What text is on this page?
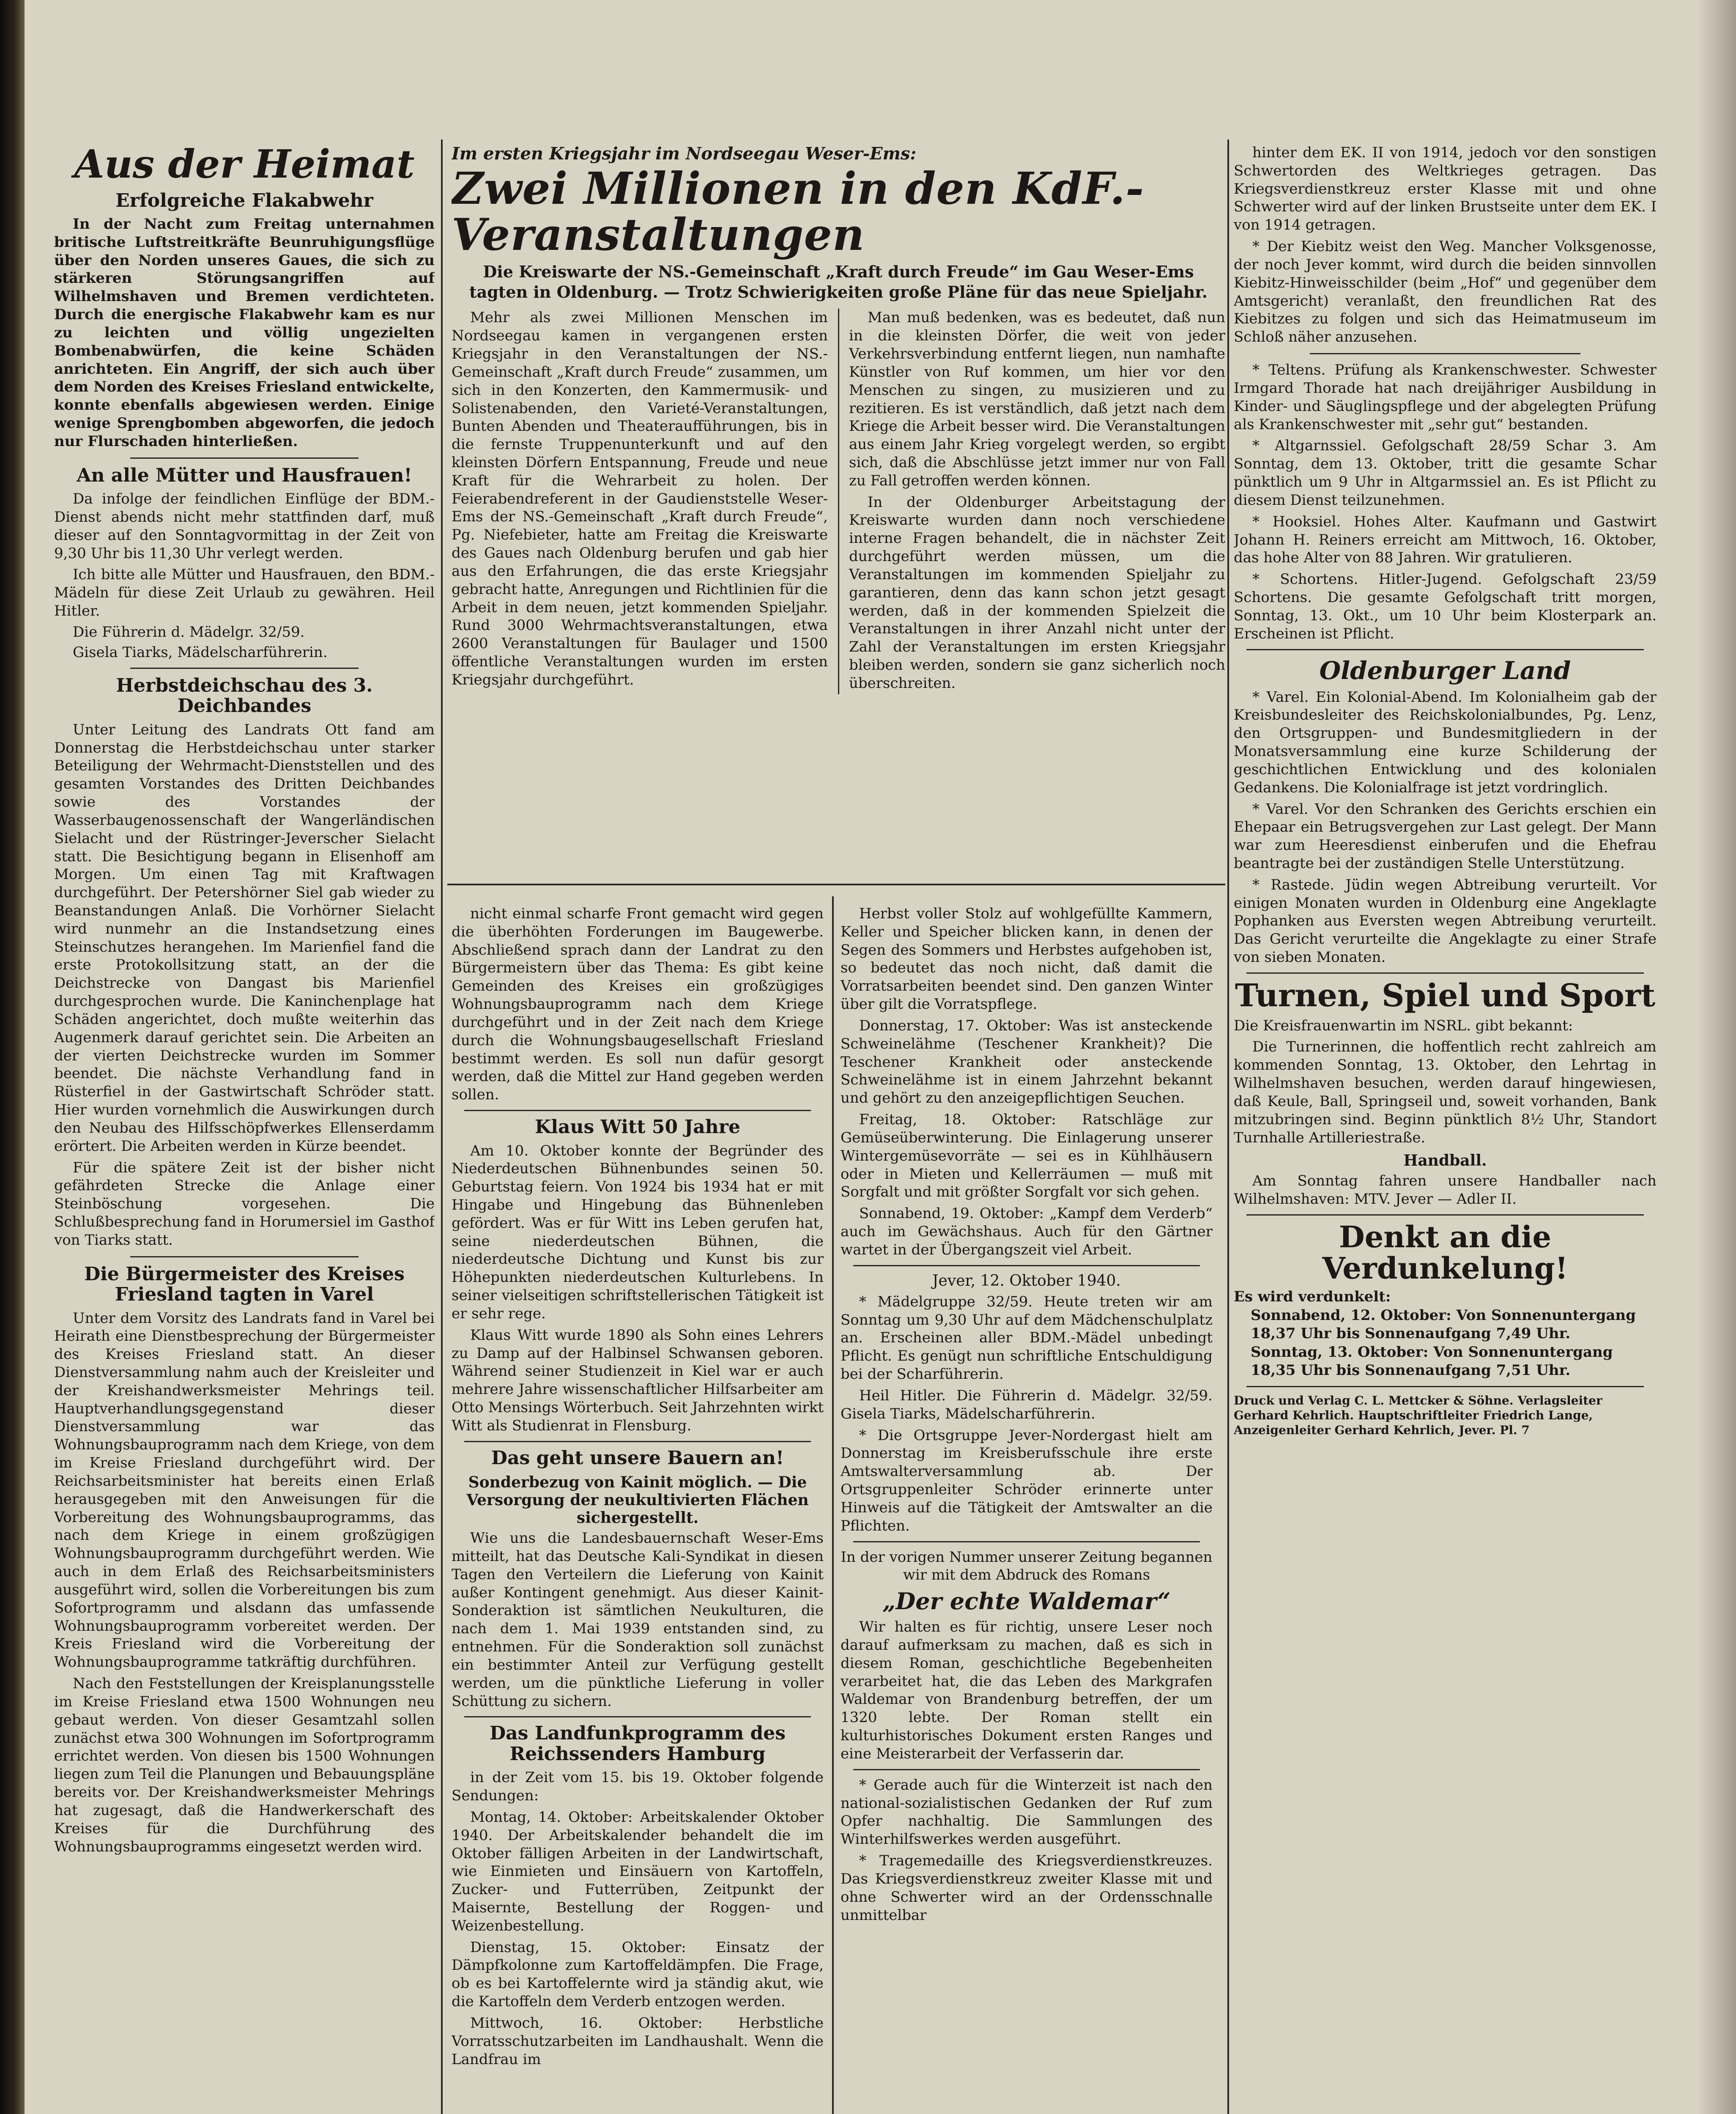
Aus der Heimat
Erfolgreiche Flakabwehr

In der Nacht zum Freitag unternahmen britische Luftstreitkräfte Beunruhigungsflüge über den Norden unseres Gaues, die sich zu stärkeren Störungsangriffen auf Wilhelmshaven und Bremen verdichteten. Durch die energische Flakabwehr kam es nur zu leichten und völlig ungezielten Bombenabwürfen, die keine Schäden anrichteten. Ein Angriff, der sich auch über dem Norden des Kreises Friesland entwickelte, konnte ebenfalls abgewiesen werden. Einige wenige Sprengbomben abgeworfen, die jedoch nur Flurschaden hinterließen.

An alle Mütter und Hausfrauen!

Da infolge der feindlichen Einflüge der BDM.-Dienst abends nicht mehr stattfinden darf, muß dieser auf den Sonntagvormittag in der Zeit von 9,30 Uhr bis 11,30 Uhr verlegt werden.

Ich bitte alle Mütter und Hausfrauen, den BDM.-Mädeln für diese Zeit Urlaub zu gewähren. Heil Hitler.

Die Führerin d. Mädelgr. 32/59.
Gisela Tiarks, Mädelscharführerin.
Herbstdeichschau des 3. Deichbandes

Unter Leitung des Landrats Ott fand am Donnerstag die Herbstdeichschau unter starker Beteiligung der Wehrmacht-Dienststellen und des gesamten Vorstandes des Dritten Deichbandes sowie des Vorstandes der Wasserbaugenossenschaft der Wangerländischen Sielacht und der Rüstringer-Jeverscher Sielacht statt. Die Besichtigung begann in Elisenhoff am Morgen. Um einen Tag mit Kraftwagen durchgeführt. Der Petershörner Siel gab wieder zu Beanstandungen Anlaß. Die Vorhörner Sielacht wird nunmehr an die Instandsetzung eines Steinschutzes herangehen. Im Marienfiel fand die erste Protokollsitzung statt, an der die Deichstrecke von Dangast bis Marienfiel durchgesprochen wurde. Die Kaninchenplage hat Schäden angerichtet, doch mußte weiterhin das Augenmerk darauf gerichtet sein. Die Arbeiten an der vierten Deichstrecke wurden im Sommer beendet. Die nächste Verhandlung fand in Rüsterfiel in der Gastwirtschaft Schröder statt. Hier wurden vornehmlich die Auswirkungen durch den Neubau des Hilfsschöpfwerkes Ellenserdamm erörtert. Die Arbeiten werden in Kürze beendet.

Für die spätere Zeit ist der bisher nicht gefährdeten Strecke die Anlage einer Steinböschung vorgesehen. Die Schlußbesprechung fand in Horumersiel im Gasthof von Tiarks statt.

Die Bürgermeister des Kreises Friesland tagten in Varel

Unter dem Vorsitz des Landrats fand in Varel bei Heirath eine Dienstbesprechung der Bürgermeister des Kreises Friesland statt. An dieser Dienstversammlung nahm auch der Kreisleiter und der Kreishandwerksmeister Mehrings teil. Hauptverhandlungsgegenstand dieser Dienstversammlung war das Wohnungsbauprogramm nach dem Kriege, von dem im Kreise Friesland durchgeführt wird. Der Reichsarbeitsminister hat bereits einen Erlaß herausgegeben mit den Anweisungen für die Vorbereitung des Wohnungsbauprogramms, das nach dem Kriege in einem großzügigen Wohnungsbauprogramm durchgeführt werden. Wie auch in dem Erlaß des Reichsarbeitsministers ausgeführt wird, sollen die Vorbereitungen bis zum Sofortprogramm und alsdann das umfassende Wohnungsbauprogramm vorbereitet werden. Der Kreis Friesland wird die Vorbereitung der Wohnungsbauprogramme tatkräftig durchführen.

Nach den Feststellungen der Kreisplanungsstelle im Kreise Friesland etwa 1500 Wohnungen neu gebaut werden. Von dieser Gesamtzahl sollen zunächst etwa 300 Wohnungen im Sofortprogramm errichtet werden. Von diesen bis 1500 Wohnungen liegen zum Teil die Planungen und Bebauungspläne bereits vor. Der Kreishandwerksmeister Mehrings hat zugesagt, daß die Handwerkerschaft des Kreises für die Durchführung des Wohnungsbauprogramms eingesetzt werden wird.

Im ersten Kriegsjahr im Nordseegau Weser-Ems:
Zwei Millionen in den KdF.-Veranstaltungen
Die Kreiswarte der NS.-Gemeinschaft „Kraft durch Freude“ im Gau Weser-Ems tagten in Oldenburg. — Trotz Schwierigkeiten große Pläne für das neue Spieljahr.

Mehr als zwei Millionen Menschen im Nordseegau kamen in vergangenen ersten Kriegsjahr in den Veranstaltungen der NS.-Gemeinschaft „Kraft durch Freude“ zusammen, um sich in den Konzerten, den Kammermusik- und Solistenabenden, den Varieté-Veranstaltungen, Bunten Abenden und Theateraufführungen, bis in die fernste Truppenunterkunft und auf den kleinsten Dörfern Entspannung, Freude und neue Kraft für die Wehrarbeit zu holen. Der Feierabendreferent in der Gaudienststelle Weser-Ems der NS.-Gemeinschaft „Kraft durch Freude“, Pg. Niefebieter, hatte am Freitag die Kreiswarte des Gaues nach Oldenburg berufen und gab hier aus den Erfahrungen, die das erste Kriegsjahr gebracht hatte, Anregungen und Richtlinien für die Arbeit in dem neuen, jetzt kommenden Spieljahr. Rund 3000 Wehrmachtsveranstaltungen, etwa 2600 Veranstaltungen für Baulager und 1500 öffentliche Veranstaltungen wurden im ersten Kriegsjahr durchgeführt.

Man muß bedenken, was es bedeutet, daß nun in die kleinsten Dörfer, die weit von jeder Verkehrsverbindung entfernt liegen, nun namhafte Künstler von Ruf kommen, um hier vor den Menschen zu singen, zu musizieren und zu rezitieren. Es ist verständlich, daß jetzt nach dem Kriege die Arbeit besser wird. Die Veranstaltungen aus einem Jahr Krieg vorgelegt werden, so ergibt sich, daß die Abschlüsse jetzt immer nur von Fall zu Fall getroffen werden können.

In der Oldenburger Arbeitstagung der Kreiswarte wurden dann noch verschiedene interne Fragen behandelt, die in nächster Zeit durchgeführt werden müssen, um die Veranstaltungen im kommenden Spieljahr zu garantieren, denn das kann schon jetzt gesagt werden, daß in der kommenden Spielzeit die Veranstaltungen in ihrer Anzahl nicht unter der Zahl der Veranstaltungen im ersten Kriegsjahr bleiben werden, sondern sie ganz sicherlich noch überschreiten.

nicht einmal scharfe Front gemacht wird gegen die überhöhten Forderungen im Baugewerbe. Abschließend sprach dann der Landrat zu den Bürgermeistern über das Thema: Es gibt keine Gemeinden des Kreises ein großzügiges Wohnungsbauprogramm nach dem Kriege durchgeführt und in der Zeit nach dem Kriege durch die Wohnungsbaugesellschaft Friesland bestimmt werden. Es soll nun dafür gesorgt werden, daß die Mittel zur Hand gegeben werden sollen.

Klaus Witt 50 Jahre

Am 10. Oktober konnte der Begründer des Niederdeutschen Bühnenbundes seinen 50. Geburtstag feiern. Von 1924 bis 1934 hat er mit Hingabe und Hingebung das Bühnenleben gefördert. Was er für Witt ins Leben gerufen hat, seine niederdeutschen Bühnen, die niederdeutsche Dichtung und Kunst bis zur Höhepunkten niederdeutschen Kulturlebens. In seiner vielseitigen schriftstellerischen Tätigkeit ist er sehr rege.

Klaus Witt wurde 1890 als Sohn eines Lehrers zu Damp auf der Halbinsel Schwansen geboren. Während seiner Studienzeit in Kiel war er auch mehrere Jahre wissenschaftlicher Hilfsarbeiter am Otto Mensings Wörterbuch. Seit Jahrzehnten wirkt Witt als Studienrat in Flensburg.

Das geht unsere Bauern an!
Sonderbezug von Kainit möglich. — Die Versorgung der neukultivierten Flächen sichergestellt.

Wie uns die Landesbauernschaft Weser-Ems mitteilt, hat das Deutsche Kali-Syndikat in diesen Tagen den Verteilern die Lieferung von Kainit außer Kontingent genehmigt. Aus dieser Kainit-Sonderaktion ist sämtlichen Neukulturen, die nach dem 1. Mai 1939 entstanden sind, zu entnehmen. Für die Sonderaktion soll zunächst ein bestimmter Anteil zur Verfügung gestellt werden, um die pünktliche Lieferung in voller Schüttung zu sichern.

Das Landfunkprogramm des Reichssenders Hamburg

in der Zeit vom 15. bis 19. Oktober folgende Sendungen:

Montag, 14. Oktober: Arbeitskalender Oktober 1940. Der Arbeitskalender behandelt die im Oktober fälligen Arbeiten in der Landwirtschaft, wie Einmieten und Einsäuern von Kartoffeln, Zucker- und Futterrüben, Zeitpunkt der Maisernte, Bestellung der Roggen- und Weizenbestellung.

Dienstag, 15. Oktober: Einsatz der Dämpfkolonne zum Kartoffeldämpfen. Die Frage, ob es bei Kartoffelernte wird ja ständig akut, wie die Kartoffeln dem Verderb entzogen werden.

Mittwoch, 16. Oktober: Herbstliche Vorratsschutzarbeiten im Landhaushalt. Wenn die Landfrau im

Herbst voller Stolz auf wohlgefüllte Kammern, Keller und Speicher blicken kann, in denen der Segen des Sommers und Herbstes aufgehoben ist, so bedeutet das noch nicht, daß damit die Vorratsarbeiten beendet sind. Den ganzen Winter über gilt die Vorratspflege.

Donnerstag, 17. Oktober: Was ist ansteckende Schweinelähme (Teschener Krankheit)? Die Teschener Krankheit oder ansteckende Schweinelähme ist in einem Jahrzehnt bekannt und gehört zu den anzeigepflichtigen Seuchen.

Freitag, 18. Oktober: Ratschläge zur Gemüseüberwinterung. Die Einlagerung unserer Wintergemüsevorräte — sei es in Kühlhäusern oder in Mieten und Kellerräumen — muß mit Sorgfalt und mit größter Sorgfalt vor sich gehen.

Sonnabend, 19. Oktober: „Kampf dem Verderb“ auch im Gewächshaus. Auch für den Gärtner wartet in der Übergangszeit viel Arbeit.

Jever, 12. Oktober 1940.

* Mädelgruppe 32/59. Heute treten wir am Sonntag um 9,30 Uhr auf dem Mädchenschulplatz an. Erscheinen aller BDM.-Mädel unbedingt Pflicht. Es genügt nun schriftliche Entschuldigung bei der Scharführerin.

Heil Hitler. Die Führerin d. Mädelgr. 32/59. Gisela Tiarks, Mädelscharführerin.

* Die Ortsgruppe Jever-Nordergast hielt am Donnerstag im Kreisberufsschule ihre erste Amtswalterversammlung ab. Der Ortsgruppenleiter Schröder erinnerte unter Hinweis auf die Tätigkeit der Amtswalter an die Pflichten.

In der vorigen Nummer unserer Zeitung begannen wir mit dem Abdruck des Romans

„Der echte Waldemar“

Wir halten es für richtig, unsere Leser noch darauf aufmerksam zu machen, daß es sich in diesem Roman, geschichtliche Begebenheiten verarbeitet hat, die das Leben des Markgrafen Waldemar von Brandenburg betreffen, der um 1320 lebte. Der Roman stellt ein kulturhistorisches Dokument ersten Ranges und eine Meisterarbeit der Verfasserin dar.

* Gerade auch für die Winterzeit ist nach den national-sozialistischen Gedanken der Ruf zum Opfer nachhaltig. Die Sammlungen des Winterhilfswerkes werden ausgeführt.

* Tragemedaille des Kriegsverdienstkreuzes. Das Kriegsverdienstkreuz zweiter Klasse mit und ohne Schwerter wird an der Ordensschnalle unmittelbar

hinter dem EK. II von 1914, jedoch vor den sonstigen Schwertorden des Weltkrieges getragen. Das Kriegsverdienstkreuz erster Klasse mit und ohne Schwerter wird auf der linken Brustseite unter dem EK. I von 1914 getragen.

* Der Kiebitz weist den Weg. Mancher Volksgenosse, der noch Jever kommt, wird durch die beiden sinnvollen Kiebitz-Hinweisschilder (beim „Hof“ und gegenüber dem Amtsgericht) veranlaßt, den freundlichen Rat des Kiebitzes zu folgen und sich das Heimatmuseum im Schloß näher anzusehen.

* Teltens. Prüfung als Krankenschwester. Schwester Irmgard Thorade hat nach dreijähriger Ausbildung in Kinder- und Säuglingspflege und der abgelegten Prüfung als Krankenschwester mit „sehr gut“ bestanden.

* Altgarnssiel. Gefolgschaft 28/59 Schar 3. Am Sonntag, dem 13. Oktober, tritt die gesamte Schar pünktlich um 9 Uhr in Altgarmssiel an. Es ist Pflicht zu diesem Dienst teilzunehmen.

* Hooksiel. Hohes Alter. Kaufmann und Gastwirt Johann H. Reiners erreicht am Mittwoch, 16. Oktober, das hohe Alter von 88 Jahren. Wir gratulieren.

* Schortens. Hitler-Jugend. Gefolgschaft 23/59 Schortens. Die gesamte Gefolgschaft tritt morgen, Sonntag, 13. Okt., um 10 Uhr beim Klosterpark an. Erscheinen ist Pflicht.

Oldenburger Land

* Varel. Ein Kolonial-Abend. Im Kolonialheim gab der Kreisbundesleiter des Reichskolonialbundes, Pg. Lenz, den Ortsgruppen- und Bundesmitgliedern in der Monatsversammlung eine kurze Schilderung der geschichtlichen Entwicklung und des kolonialen Gedankens. Die Kolonialfrage ist jetzt vordringlich.

* Varel. Vor den Schranken des Gerichts erschien ein Ehepaar ein Betrugsvergehen zur Last gelegt. Der Mann war zum Heeresdienst einberufen und die Ehefrau beantragte bei der zuständigen Stelle Unterstützung.

* Rastede. Jüdin wegen Abtreibung verurteilt. Vor einigen Monaten wurden in Oldenburg eine Angeklagte Pophanken aus Eversten wegen Abtreibung verurteilt. Das Gericht verurteilte die Angeklagte zu einer Strafe von sieben Monaten.

Turnen, Spiel und Sport

Die Kreisfrauenwartin im NSRL. gibt bekannt:

Die Turnerinnen, die hoffentlich recht zahlreich am kommenden Sonntag, 13. Oktober, den Lehrtag in Wilhelmshaven besuchen, werden darauf hingewiesen, daß Keule, Ball, Springseil und, soweit vorhanden, Bank mitzubringen sind. Beginn pünktlich 8½ Uhr, Standort Turnhalle Artilleriestraße.

Handball.

Am Sonntag fahren unsere Handballer nach Wilhelmshaven: MTV. Jever — Adler II.

Denkt an die Verdunkelung!
Es wird verdunkelt:
Sonnabend, 12. Oktober: Von Sonnenuntergang 18,37 Uhr bis Sonnenaufgang 7,49 Uhr.
Sonntag, 13. Oktober: Von Sonnenuntergang 18,35 Uhr bis Sonnenaufgang 7,51 Uhr.
Druck und Verlag C. L. Mettcker & Söhne. Verlagsleiter Gerhard Kehrlich. Hauptschriftleiter Friedrich Lange, Anzeigenleiter Gerhard Kehrlich, Jever. Pl. 7
